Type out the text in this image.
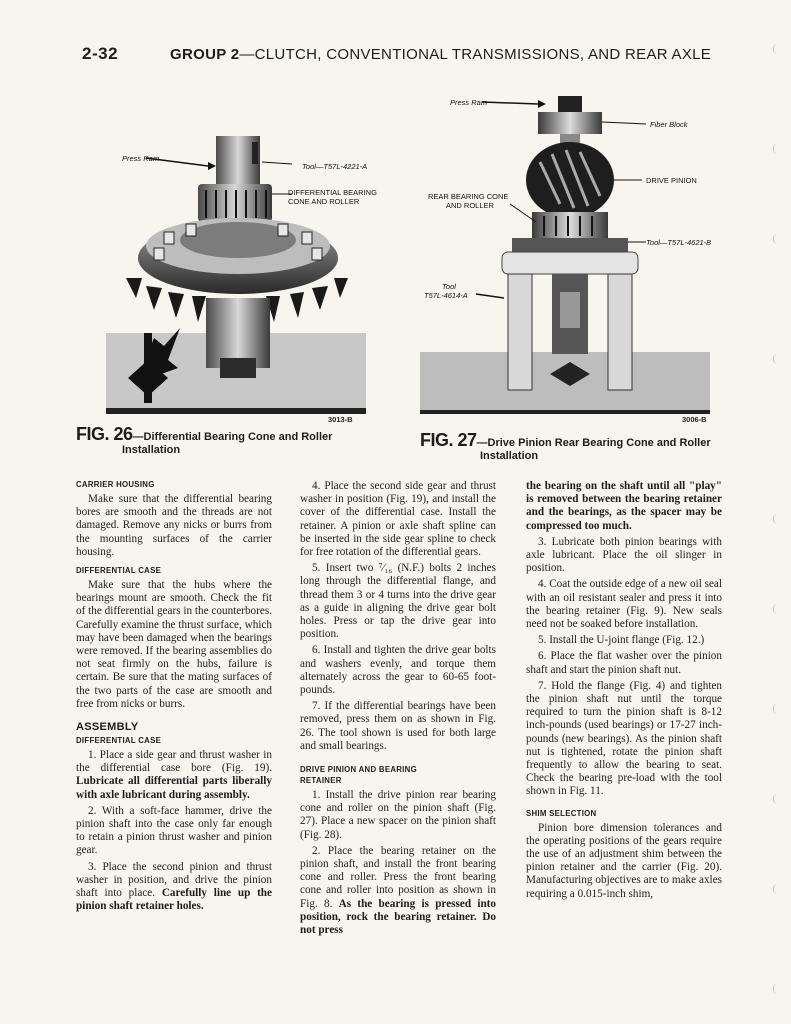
2-32	GROUP 2—CLUTCH, CONVENTIONAL TRANSMISSIONS, AND REAR AXLE
Press Ram
Tool—T57L-4221-A
DIFFERENTIAL BEARING
CONE AND ROLLER
3013-B
FIG. 26—Differential Bearing Cone and Roller
Installation
Press Ram
Fiber Block
DRIVE PINION
REAR BEARING CONE
AND ROLLER
Tool—T57L-4621-B
Tool
T57L-4614-A
3006-B
FIG. 27—Drive Pinion Rear Bearing Cone and Roller
Installation
CARRIER HOUSING

Make sure that the differential bearing bores are smooth and the threads are not damaged. Remove any nicks or burrs from the mounting surfaces of the carrier housing.

DIFFERENTIAL CASE

Make sure that the hubs where the bearings mount are smooth. Check the fit of the differential gears in the counterbores. Carefully examine the thrust surface, which may have been damaged when the bearings were removed. If the bearing assemblies do not seat firmly on the hubs, failure is certain. Be sure that the mating surfaces of the two parts of the case are smooth and free from nicks or burrs.

ASSEMBLY
DIFFERENTIAL CASE

1. Place a side gear and thrust washer in the differential case bore (Fig. 19). Lubricate all differential parts liberally with axle lubricant during assembly.

2. With a soft-face hammer, drive the pinion shaft into the case only far enough to retain a pinion thrust washer and pinion gear.

3. Place the second pinion and thrust washer in position, and drive the pinion shaft into place. Carefully line up the pinion shaft retainer holes.

4. Place the second side gear and thrust washer in position (Fig. 19), and install the cover of the differential case. Install the retainer. A pinion or axle shaft spline can be inserted in the side gear spline to check for free rotation of the differential gears.

5. Insert two ⁷⁄₁₆ (N.F.) bolts 2 inches long through the differential flange, and thread them 3 or 4 turns into the drive gear as a guide in aligning the drive gear bolt holes. Press or tap the drive gear into position.

6. Install and tighten the drive gear bolts and washers evenly, and torque them alternately across the gear to 60-65 foot-pounds.

7. If the differential bearings have been removed, press them on as shown in Fig. 26. The tool shown is used for both large and small bearings.

DRIVE PINION AND BEARING
RETAINER

1. Install the drive pinion rear bearing cone and roller on the pinion shaft (Fig. 27). Place a new spacer on the pinion shaft (Fig. 28).

2. Place the bearing retainer on the pinion shaft, and install the front bearing cone and roller. Press the front bearing cone and roller into position as shown in Fig. 8. As the bearing is pressed into position, rock the bearing retainer. Do not press

the bearing on the shaft until all "play" is removed between the bearing retainer and the bearings, as the spacer may be compressed too much.

3. Lubricate both pinion bearings with axle lubricant. Place the oil slinger in position.

4. Coat the outside edge of a new oil seal with an oil resistant sealer and press it into the bearing retainer (Fig. 9). New seals need not be soaked before installation.

5. Install the U-joint flange (Fig. 12.)

6. Place the flat washer over the pinion shaft and start the pinion shaft nut.

7. Hold the flange (Fig. 4) and tighten the pinion shaft nut until the torque required to turn the pinion shaft is 8-12 inch-pounds (used bearings) or 17-27 inch-pounds (new bearings). As the pinion shaft nut is tightened, rotate the pinion shaft frequently to allow the bearing to seat. Check the bearing pre-load with the tool shown in Fig. 11.

SHIM SELECTION

Pinion bore dimension tolerances and the operating positions of the gears require the use of an adjustment shim between the pinion retainer and the carrier (Fig. 20). Manufacturing objectives are to make axles requiring a 0.015-inch shim,
